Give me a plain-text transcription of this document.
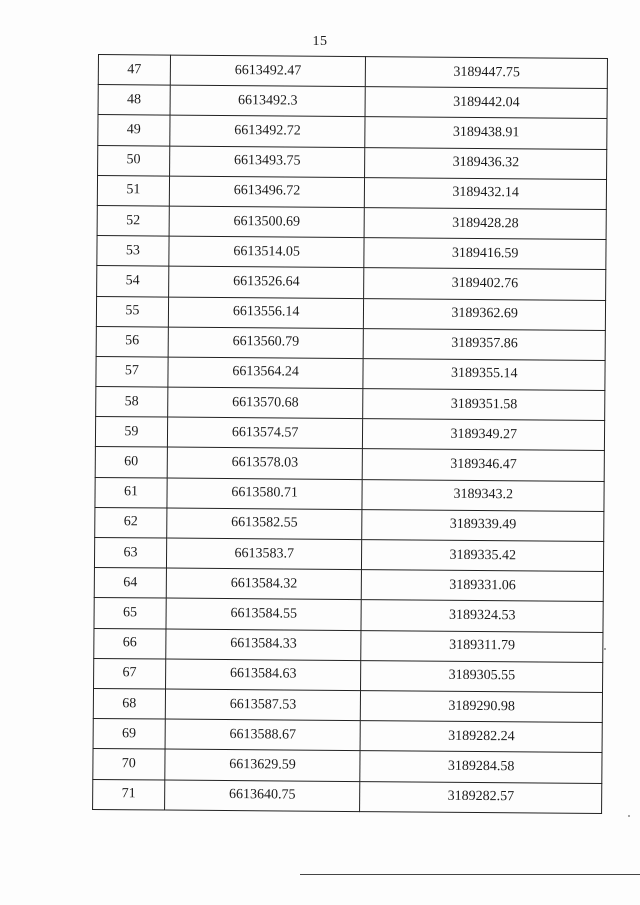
15
47	6613492.47	3189447.75
48	6613492.3	3189442.04
49	6613492.72	3189438.91
50	6613493.75	3189436.32
51	6613496.72	3189432.14
52	6613500.69	3189428.28
53	6613514.05	3189416.59
54	6613526.64	3189402.76
55	6613556.14	3189362.69
56	6613560.79	3189357.86
57	6613564.24	3189355.14
58	6613570.68	3189351.58
59	6613574.57	3189349.27
60	6613578.03	3189346.47
61	6613580.71	3189343.2
62	6613582.55	3189339.49
63	6613583.7	3189335.42
64	6613584.32	3189331.06
65	6613584.55	3189324.53
66	6613584.33	3189311.79
67	6613584.63	3189305.55
68	6613587.53	3189290.98
69	6613588.67	3189282.24
70	6613629.59	3189284.58
71	6613640.75	3189282.57
